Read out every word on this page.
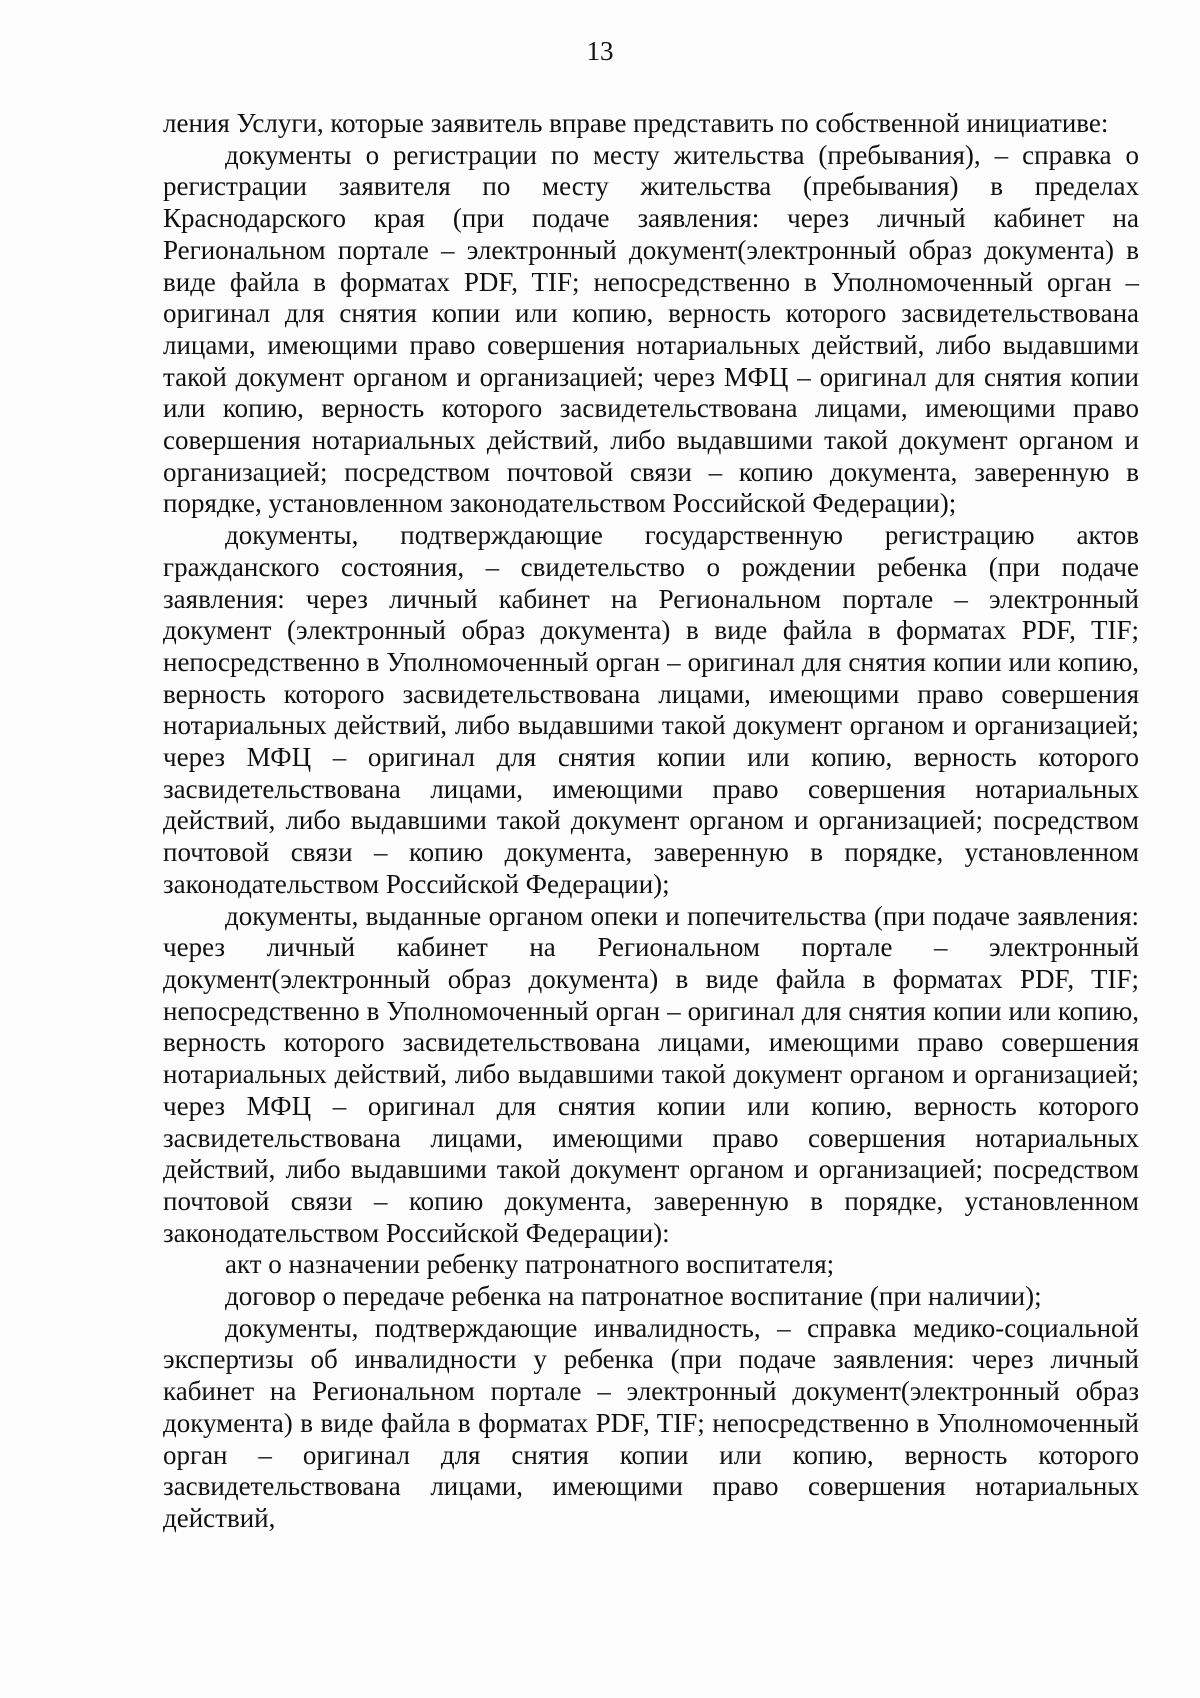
13

ления Услуги, которые заявитель вправе представить по собственной инициативе:

документы о регистрации по месту жительства (пребывания), – справка о регистрации заявителя по месту жительства (пребывания) в пределах Краснодарского края (при подаче заявления: через личный кабинет на Региональном портале – электронный документ(электронный образ документа) в виде файла в форматах PDF, TIF; непосредственно в Уполномоченный орган – оригинал для снятия копии или копию, верность которого засвидетельствована лицами, имеющими право совершения нотариальных действий, либо выдавшими такой документ органом и организацией; через МФЦ – оригинал для снятия копии или копию, верность которого засвидетельствована лицами, имеющими право совершения нотариальных действий, либо выдавшими такой документ органом и организацией; посредством почтовой связи – копию документа, заверенную в порядке, установленном законодательством Российской Федерации);

документы, подтверждающие государственную регистрацию актов гражданского состояния, – свидетельство о рождении ребенка (при подаче заявления: через личный кабинет на Региональном портале – электронный документ (электронный образ документа) в виде файла в форматах PDF, TIF; непосредственно в Уполномоченный орган – оригинал для снятия копии или копию, верность которого засвидетельствована лицами, имеющими право совершения нотариальных действий, либо выдавшими такой документ органом и организацией; через МФЦ – оригинал для снятия копии или копию, верность которого засвидетельствована лицами, имеющими право совершения нотариальных действий, либо выдавшими такой документ органом и организацией; посредством почтовой связи – копию документа, заверенную в порядке, установленном законодательством Российской Федерации);

документы, выданные органом опеки и попечительства (при подаче заявления: через личный кабинет на Региональном портале – электронный документ(электронный образ документа) в виде файла в форматах PDF, TIF; непосредственно в Уполномоченный орган – оригинал для снятия копии или копию, верность которого засвидетельствована лицами, имеющими право совершения нотариальных действий, либо выдавшими такой документ органом и организацией; через МФЦ – оригинал для снятия копии или копию, верность которого засвидетельствована лицами, имеющими право совершения нотариальных действий, либо выдавшими такой документ органом и организацией; посредством почтовой связи – копию документа, заверенную в порядке, установленном законодательством Российской Федерации):

акт о назначении ребенку патронатного воспитателя;

договор о передаче ребенка на патронатное воспитание (при наличии);

документы, подтверждающие инвалидность, – справка медико-социальной экспертизы об инвалидности у ребенка (при подаче заявления: через личный кабинет на Региональном портале – электронный документ(электронный образ документа) в виде файла в форматах PDF, TIF; непосредственно в Уполномоченный орган – оригинал для снятия копии или копию, верность которого засвидетельствована лицами, имеющими право совершения нотариальных действий,
